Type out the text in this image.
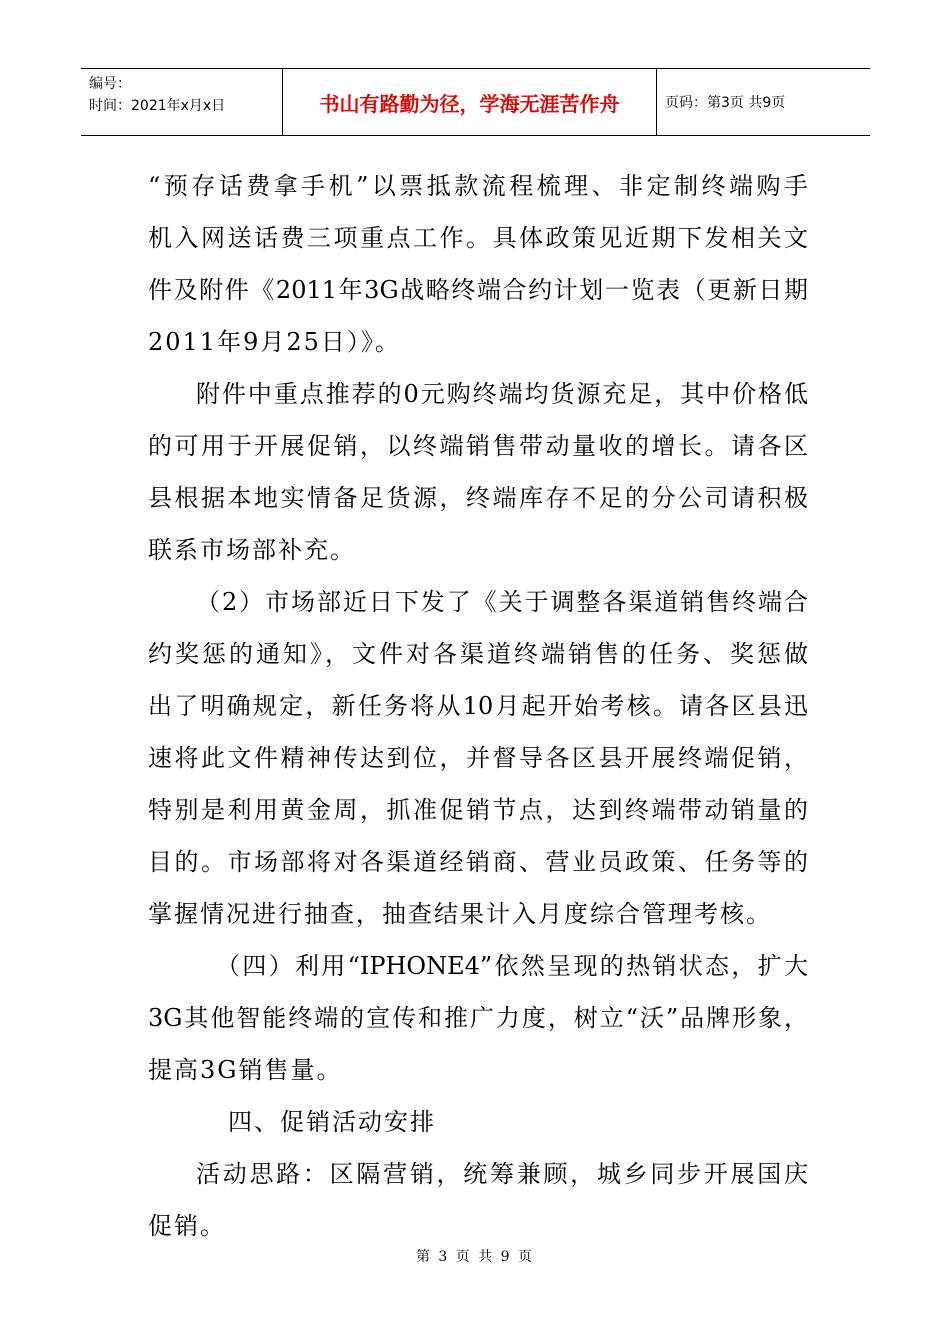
编号：
时间：2021年x月x日	书山有路勤为径，学海无涯苦作舟	页码：第3页 共9页
“预存话费拿手机”以票抵款流程梳理、非定制终端购手
机入网送话费三项重点工作。具体政策见近期下发相关文
件及附件《2011年3G战略终端合约计划一览表（更新日期
2011年9月25日）》。
附件中重点推荐的0元购终端均货源充足，其中价格低
的可用于开展促销，以终端销售带动量收的增长。请各区
县根据本地实情备足货源，终端库存不足的分公司请积极
联系市场部补充。
（2）市场部近日下发了《关于调整各渠道销售终端合
约奖惩的通知》，文件对各渠道终端销售的任务、奖惩做
出了明确规定，新任务将从10月起开始考核。请各区县迅
速将此文件精神传达到位，并督导各区县开展终端促销，
特别是利用黄金周，抓准促销节点，达到终端带动销量的
目的。市场部将对各渠道经销商、营业员政策、任务等的
掌握情况进行抽查，抽查结果计入月度综合管理考核。
（四）利用“IPHONE4”依然呈现的热销状态，扩大
3G其他智能终端的宣传和推广力度，树立“沃”品牌形象，
提高3G销售量。
四、促销活动安排
活动思路：区隔营销，统筹兼顾，城乡同步开展国庆
促销。
第 3 页 共 9 页
